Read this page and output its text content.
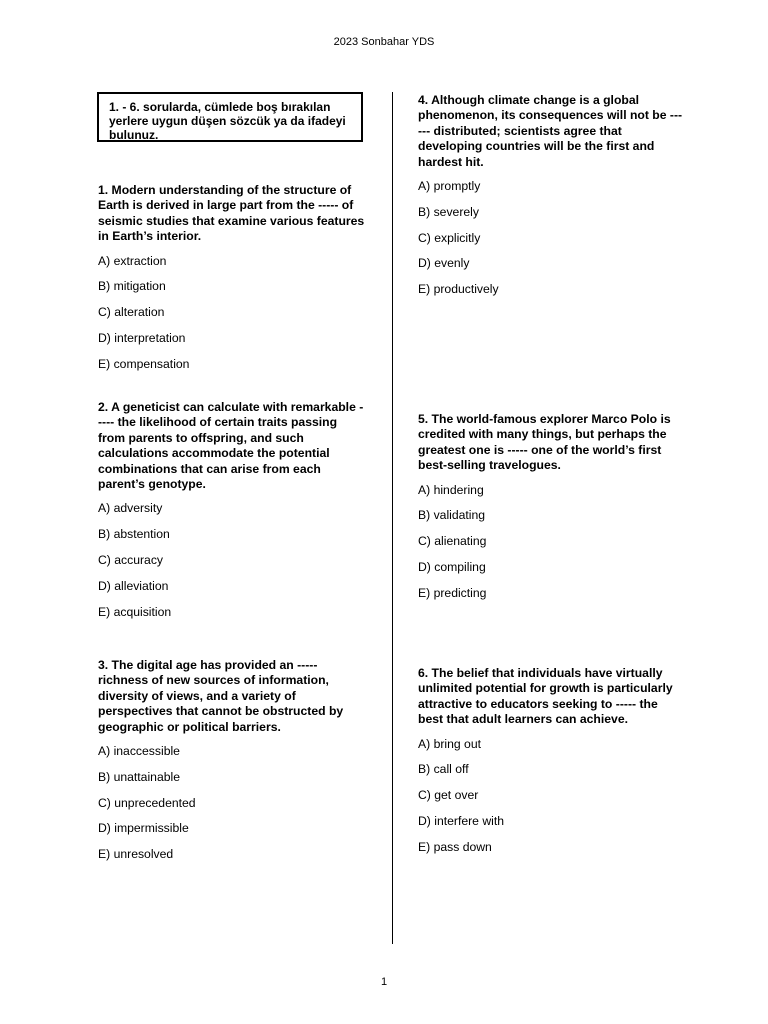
2023 Sonbahar YDS
1. - 6. sorularda, cümlede boş bırakılan yerlere uygun düşen sözcük ya da ifadeyi bulunuz.
1. Modern understanding of the structure of Earth is derived in large part from the ----- of seismic studies that examine various features in Earth’s interior.
A) extraction
B) mitigation
C) alteration
D) interpretation
E) compensation
2. A geneticist can calculate with remarkable ----- the likelihood of certain traits passing from parents to offspring, and such calculations accommodate the potential combinations that can arise from each parent’s genotype.
A) adversity
B) abstention
C) accuracy
D) alleviation
E) acquisition
3. The digital age has provided an ----- richness of new sources of information, diversity of views, and a variety of perspectives that cannot be obstructed by geographic or political barriers.
A) inaccessible
B) unattainable
C) unprecedented
D) impermissible
E) unresolved
4. Although climate change is a global phenomenon, its consequences will not be ------ distributed; scientists agree that developing countries will be the first and hardest hit.
A) promptly
B) severely
C) explicitly
D) evenly
E) productively
5. The world-famous explorer Marco Polo is credited with many things, but perhaps the greatest one is ----- one of the world’s first best-selling travelogues.
A) hindering
B) validating
C) alienating
D) compiling
E) predicting
6. The belief that individuals have virtually unlimited potential for growth is particularly attractive to educators seeking to ----- the best that adult learners can achieve.
A) bring out
B) call off
C) get over
D) interfere with
E) pass down
1
